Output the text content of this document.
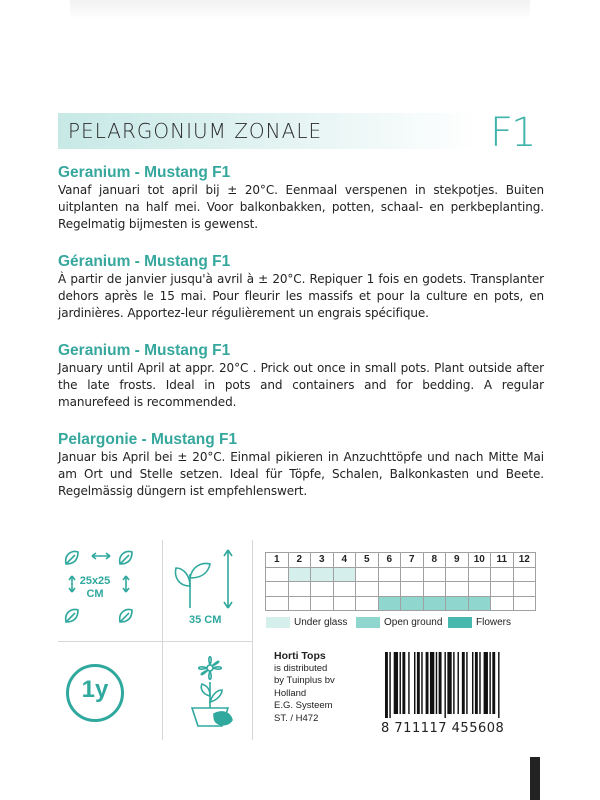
PELARGONIUM ZONALE	F1
Geranium - Mustang F1

Vanaf januari tot april bij ± 20°C. Eenmaal verspenen in stekpotjes. Buiten uitplanten na half mei. Voor balkonbakken, potten, schaal- en perkbeplanting. Regelmatig bijmesten is gewenst.

Géranium - Mustang F1

À partir de janvier jusqu'à avril à ± 20°C. Repiquer 1 fois en godets. Transplanter dehors après le 15 mai. Pour fleurir les massifs et pour la culture en pots, en jardinières. Apportez-leur régulièrement un engrais spécifique.

Geranium - Mustang F1

January until April at appr. 20°C . Prick out once in small pots. Plant outside after the late frosts. Ideal in pots and containers and for bedding. A regular manurefeed is recommended.

Pelargonie - Mustang F1

Januar bis April bei ± 20°C. Einmal pikieren in Anzuchttöpfe und nach Mitte Mai am Ort und Stelle setzen. Ideal für Töpfe, Schalen, Balkonkasten und Beete. Regelmässig düngern ist empfehlenswert.

25x25 CM
35 CM
1y
1	2	3	4	5	6	7	8	9	10	11	12

Under glass	Open ground	Flowers
Horti Tops
is distributed
by Tuinplus bv
Holland
E.G. Systeem
ST. / H472
8 711117 455608
